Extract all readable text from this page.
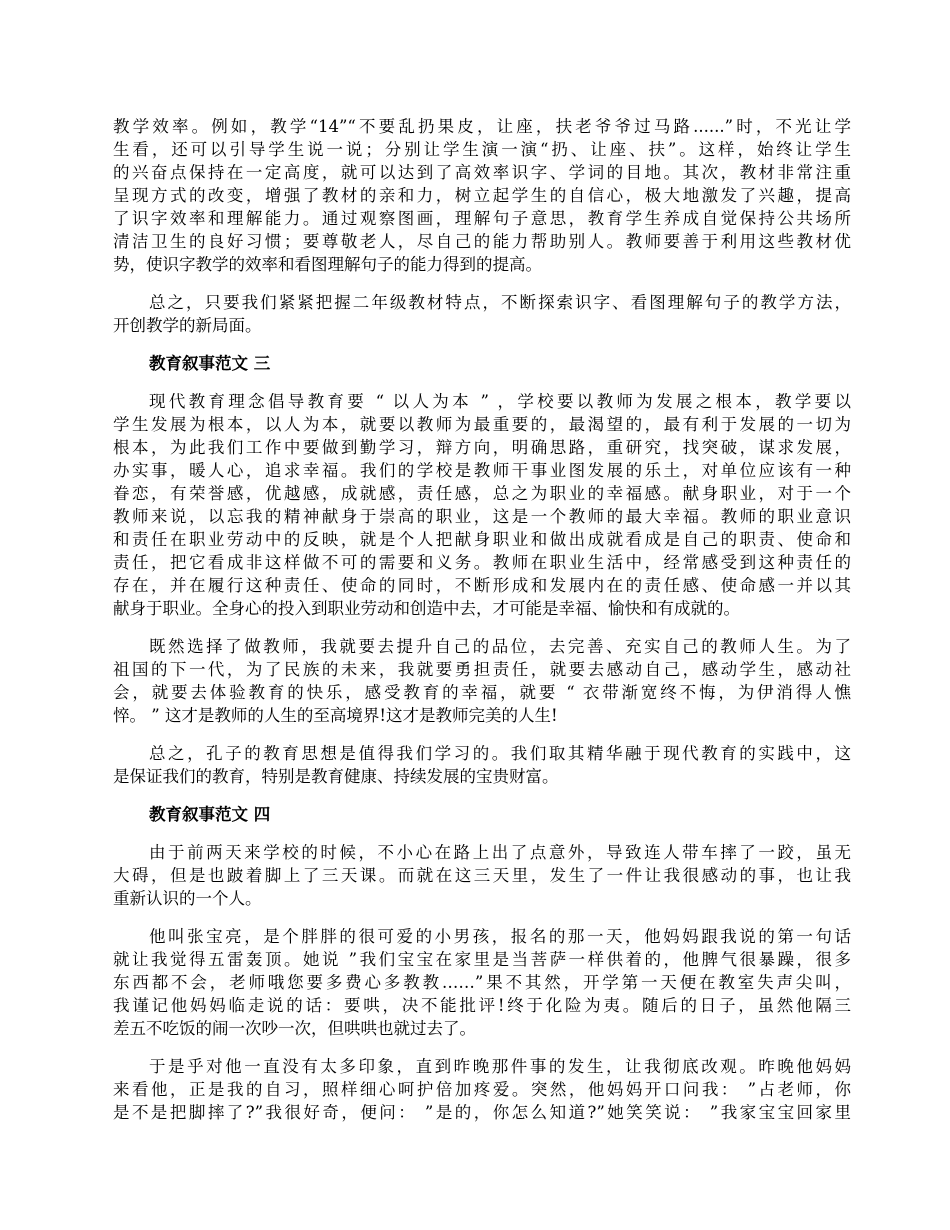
教学效率。例如，教学“14”“不要乱扔果皮，让座，扶老爷爷过马路......”时，不光让学
生看，还可以引导学生说一说；分别让学生演一演“扔、让座、扶”。这样，始终让学生
的兴奋点保持在一定高度，就可以达到了高效率识字、学词的目地。其次，教材非常注重
呈现方式的改变，增强了教材的亲和力，树立起学生的自信心，极大地激发了兴趣，提高
了识字效率和理解能力。通过观察图画，理解句子意思，教育学生养成自觉保持公共场所
清洁卫生的良好习惯；要尊敬老人，尽自己的能力帮助别人。教师要善于利用这些教材优
势，使识字教学的效率和看图理解句子的能力得到的提高。
总之，只要我们紧紧把握二年级教材特点，不断探索识字、看图理解句子的教学方法，
开创教学的新局面。
教育叙事范文 三
现代教育理念倡导教育要 “ 以人为本 ” ，学校要以教师为发展之根本，教学要以
学生发展为根本，以人为本，就要以教师为最重要的，最渴望的，最有利于发展的一切为
根本，为此我们工作中要做到勤学习，辩方向，明确思路，重研究，找突破，谋求发展，
办实事，暖人心，追求幸福。我们的学校是教师干事业图发展的乐土，对单位应该有一种
眷恋，有荣誉感，优越感，成就感，责任感，总之为职业的幸福感。献身职业，对于一个
教师来说，以忘我的精神献身于崇高的职业，这是一个教师的最大幸福。教师的职业意识
和责任在职业劳动中的反映，就是个人把献身职业和做出成就看成是自己的职责、使命和
责任，把它看成非这样做不可的需要和义务。教师在职业生活中，经常感受到这种责任的
存在，并在履行这种责任、使命的同时，不断形成和发展内在的责任感、使命感一并以其
献身于职业。全身心的投入到职业劳动和创造中去，才可能是幸福、愉快和有成就的。
既然选择了做教师，我就要去提升自己的品位，去完善、充实自己的教师人生。为了
祖国的下一代，为了民族的未来，我就要勇担责任，就要去感动自己，感动学生，感动社
会，就要去体验教育的快乐，感受教育的幸福，就要 “ 衣带渐宽终不悔，为伊消得人憔
悴。 ” 这才是教师的人生的至高境界!这才是教师完美的人生!
总之，孔子的教育思想是值得我们学习的。我们取其精华融于现代教育的实践中，这
是保证我们的教育，特别是教育健康、持续发展的宝贵财富。
教育叙事范文 四
由于前两天来学校的时候，不小心在路上出了点意外，导致连人带车摔了一跤，虽无
大碍，但是也跛着脚上了三天课。而就在这三天里，发生了一件让我很感动的事，也让我
重新认识的一个人。
他叫张宝亮，是个胖胖的很可爱的小男孩，报名的那一天，他妈妈跟我说的第一句话
就让我觉得五雷轰顶。她说 ”我们宝宝在家里是当菩萨一样供着的，他脾气很暴躁，很多
东西都不会，老师哦您要多费心多教教……”果不其然，开学第一天便在教室失声尖叫，
我谨记他妈妈临走说的话：要哄，决不能批评!终于化险为夷。随后的日子，虽然他隔三
差五不吃饭的闹一次吵一次，但哄哄也就过去了。
于是乎对他一直没有太多印象，直到昨晚那件事的发生，让我彻底改观。昨晚他妈妈
来看他，正是我的自习，照样细心呵护倍加疼爱。突然，他妈妈开口问我： ”占老师，你
是不是把脚摔了?”我很好奇，便问： ”是的，你怎么知道?”她笑笑说： ”我家宝宝回家里
